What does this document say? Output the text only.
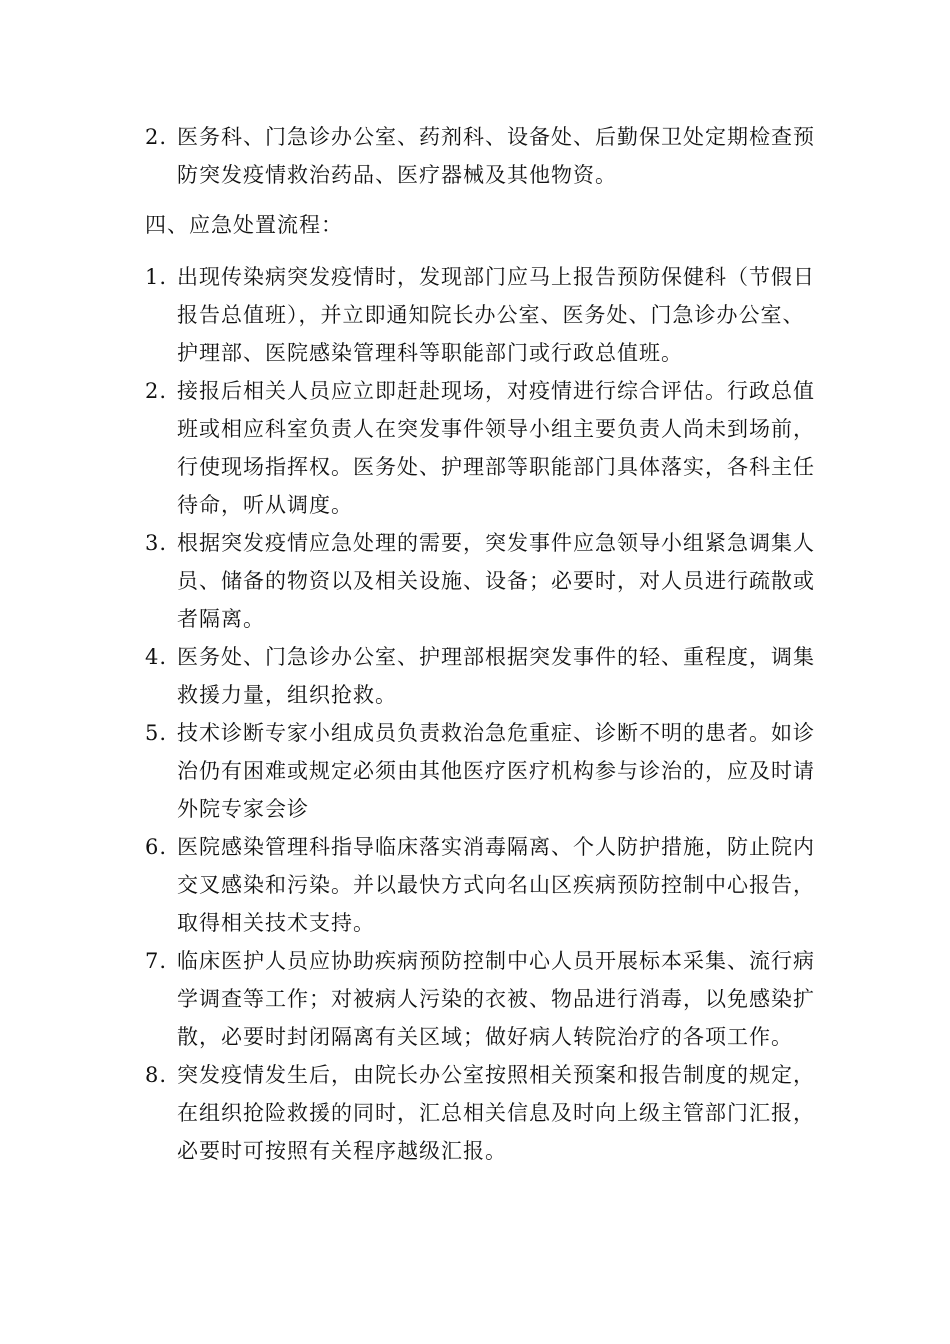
2. 医务科、门急诊办公室、药剂科、设备处、后勤保卫处定期检查预防突发疫情救治药品、医疗器械及其他物资。

四、应急处置流程：

1. 出现传染病突发疫情时，发现部门应马上报告预防保健科（节假日报告总值班），并立即通知院长办公室、医务处、门急诊办公室、护理部、医院感染管理科等职能部门或行政总值班。

2. 接报后相关人员应立即赶赴现场，对疫情进行综合评估。行政总值班或相应科室负责人在突发事件领导小组主要负责人尚未到场前，行使现场指挥权。医务处、护理部等职能部门具体落实，各科主任待命，听从调度。

3. 根据突发疫情应急处理的需要，突发事件应急领导小组紧急调集人员、储备的物资以及相关设施、设备；必要时，对人员进行疏散或者隔离。

4. 医务处、门急诊办公室、护理部根据突发事件的轻、重程度，调集救援力量，组织抢救。

5. 技术诊断专家小组成员负责救治急危重症、诊断不明的患者。如诊治仍有困难或规定必须由其他医疗医疗机构参与诊治的，应及时请外院专家会诊

6. 医院感染管理科指导临床落实消毒隔离、个人防护措施，防止院内交叉感染和污染。并以最快方式向名山区疾病预防控制中心报告，取得相关技术支持。

7. 临床医护人员应协助疾病预防控制中心人员开展标本采集、流行病学调查等工作；对被病人污染的衣被、物品进行消毒，以免感染扩散，必要时封闭隔离有关区域；做好病人转院治疗的各项工作。

8. 突发疫情发生后，由院长办公室按照相关预案和报告制度的规定，在组织抢险救援的同时，汇总相关信息及时向上级主管部门汇报，必要时可按照有关程序越级汇报。
